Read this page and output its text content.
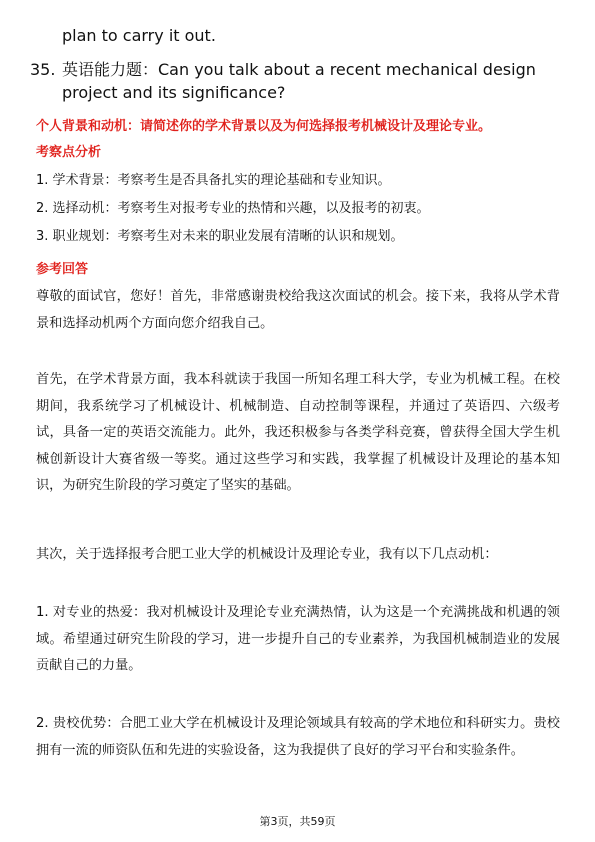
plan to carry it out.
35. 英语能力题：Can you talk about a recent mechanical design project and its significance?
个人背景和动机：请简述你的学术背景以及为何选择报考机械设计及理论专业。
考察点分析
1. 学术背景：考察考生是否具备扎实的理论基础和专业知识。
2. 选择动机：考察考生对报考专业的热情和兴趣，以及报考的初衷。
3. 职业规划：考察考生对未来的职业发展有清晰的认识和规划。
参考回答
尊敬的面试官，您好！首先，非常感谢贵校给我这次面试的机会。接下来，我将从学术背景和选择动机两个方面向您介绍我自己。
首先，在学术背景方面，我本科就读于我国一所知名理工科大学，专业为机械工程。在校期间，我系统学习了机械设计、机械制造、自动控制等课程，并通过了英语四、六级考试，具备一定的英语交流能力。此外，我还积极参与各类学科竞赛，曾获得全国大学生机械创新设计大赛省级一等奖。通过这些学习和实践，我掌握了机械设计及理论的基本知识，为研究生阶段的学习奠定了坚实的基础。
其次，关于选择报考合肥工业大学的机械设计及理论专业，我有以下几点动机：
1. 对专业的热爱：我对机械设计及理论专业充满热情，认为这是一个充满挑战和机遇的领域。希望通过研究生阶段的学习，进一步提升自己的专业素养，为我国机械制造业的发展贡献自己的力量。
2. 贵校优势：合肥工业大学在机械设计及理论领域具有较高的学术地位和科研实力。贵校拥有一流的师资队伍和先进的实验设备，这为我提供了良好的学习平台和实验条件。
第3页，共59页
